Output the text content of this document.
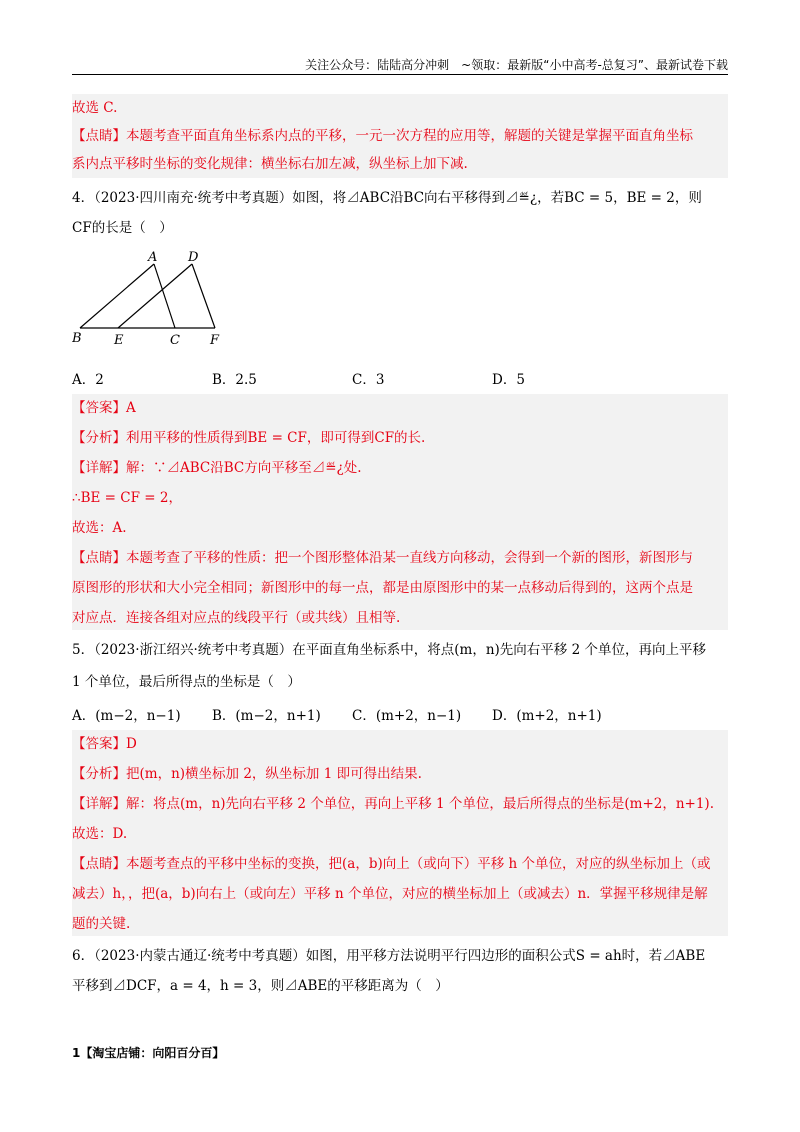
关注公众号：陆陆高分冲刺　~领取：最新版“小中高考-总复习”、最新试卷下载
故选 C.
【点睛】本题考查平面直角坐标系内点的平移，一元一次方程的应用等，解题的关键是掌握平面直角坐标
系内点平移时坐标的变化规律：横坐标右加左减，纵坐标上加下减.
4．（2023·四川南充·统考中考真题）如图，将⊿ABC沿BC向右平移得到⊿≝¿，若BC = 5，BE = 2，则
CF的长是（　）
A D
B E	C F
A．2	B．2.5	C．3	D．5
【答案】A
【分析】利用平移的性质得到BE = CF，即可得到CF的长.
【详解】解：∵⊿ABC沿BC方向平移至⊿≝¿处.
∴BE = CF = 2，
故选：A.
【点睛】本题考查了平移的性质：把一个图形整体沿某一直线方向移动，会得到一个新的图形，新图形与
原图形的形状和大小完全相同；新图形中的每一点，都是由原图形中的某一点移动后得到的，这两个点是
对应点．连接各组对应点的线段平行（或共线）且相等.
5．（2023·浙江绍兴·统考中考真题）在平面直角坐标系中，将点(m，n)先向右平移 2 个单位，再向上平移
1 个单位，最后所得点的坐标是（　）
A．(m−2，n−1) B．(m−2，n+1) C．(m+2，n−1) D．(m+2，n+1)
【答案】D
【分析】把(m，n)横坐标加 2，纵坐标加 1 即可得出结果.
【详解】解：将点(m，n)先向右平移 2 个单位，再向上平移 1 个单位，最后所得点的坐标是(m+2，n+1).
故选：D.
【点睛】本题考查点的平移中坐标的变换，把(a，b)向上（或向下）平移 h 个单位，对应的纵坐标加上（或
减去）h，，把(a，b)向右上（或向左）平移 n 个单位，对应的横坐标加上（或减去）n．掌握平移规律是解
题的关键.
6．（2023·内蒙古通辽·统考中考真题）如图，用平移方法说明平行四边形的面积公式S = ah时，若⊿ABE
平移到⊿DCF，a = 4，h = 3，则⊿ABE的平移距离为（　）
1【淘宝店铺：向阳百分百】
